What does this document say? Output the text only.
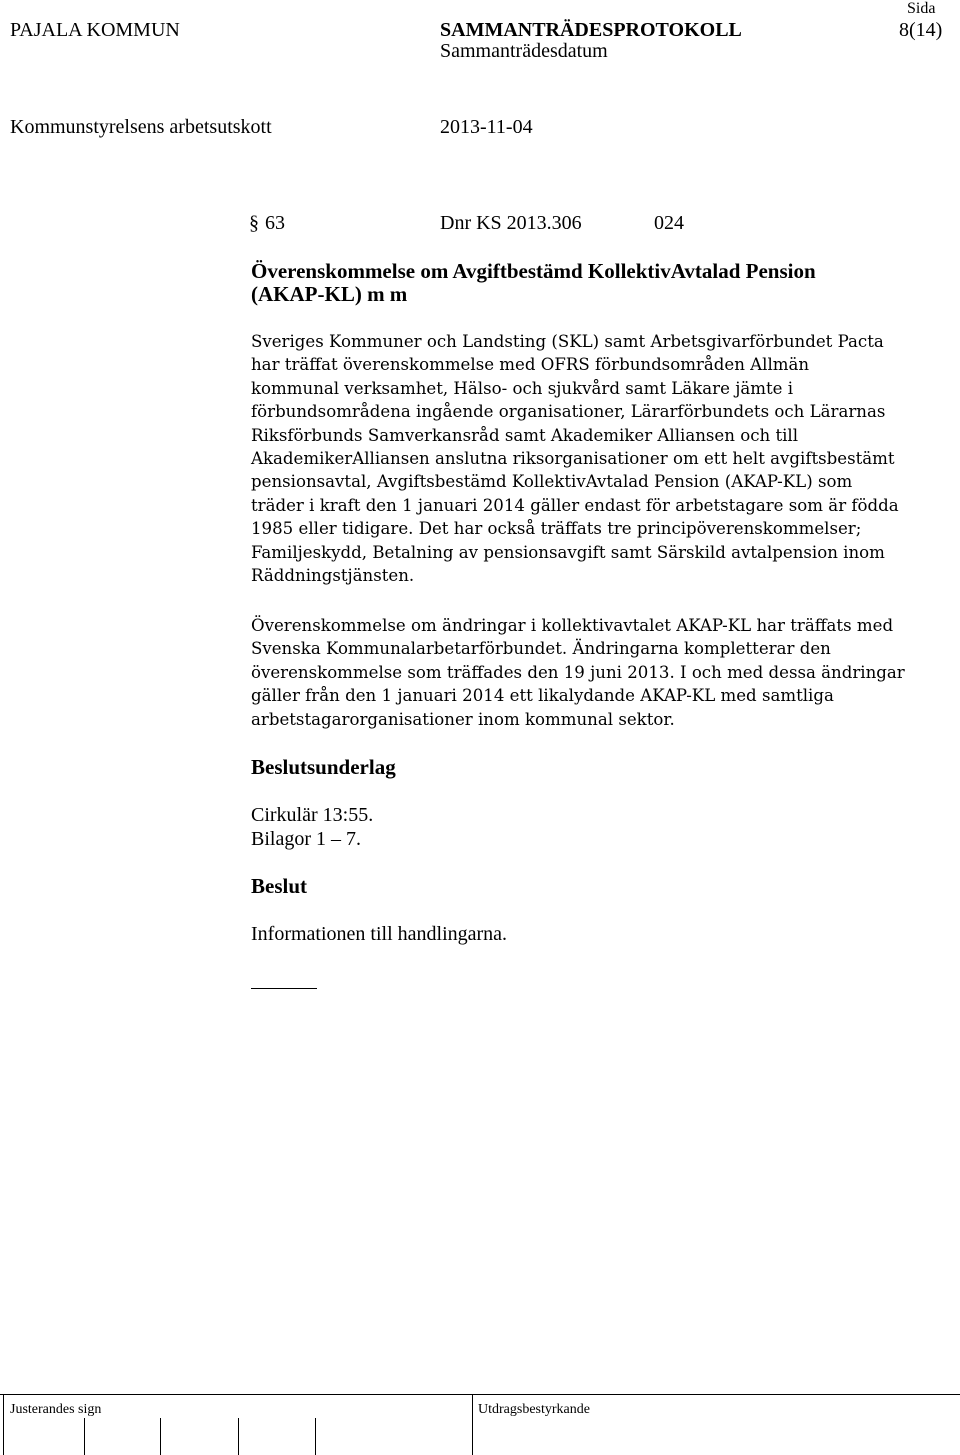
PAJALA KOMMUN	SAMMANTRÄDESPROTOKOLL
Sida
8(14)
Sammanträdesdatum
Kommunstyrelsens arbetsutskott	2013-11-04
§ 63	Dnr KS 2013.306	024
Överenskommelse om Avgiftbestämd KollektivAvtalad Pension
(AKAP-KL) m m
Sveriges Kommuner och Landsting (SKL) samt Arbetsgivarförbundet Pacta
har träffat överenskommelse med OFRS förbundsområden Allmän
kommunal verksamhet, Hälso- och sjukvård samt Läkare jämte i
förbundsområdena ingående organisationer, Lärarförbundets och Lärarnas
Riksförbunds Samverkansråd samt Akademiker Alliansen och till
AkademikerAlliansen anslutna riksorganisationer om ett helt avgiftsbestämt
pensionsavtal, Avgiftsbestämd KollektivAvtalad Pension (AKAP-KL) som
träder i kraft den 1 januari 2014 gäller endast för arbetstagare som är födda
1985 eller tidigare. Det har också träffats tre principöverenskommelser;
Familjeskydd, Betalning av pensionsavgift samt Särskild avtalpension inom
Räddningstjänsten.
Överenskommelse om ändringar i kollektivavtalet AKAP-KL har träffats med
Svenska Kommunalarbetarförbundet. Ändringarna kompletterar den
överenskommelse som träffades den 19 juni 2013. I och med dessa ändringar
gäller från den 1 januari 2014 ett likalydande AKAP-KL med samtliga
arbetstagarorganisationer inom kommunal sektor.
Beslutsunderlag
Cirkulär 13:55.
Bilagor 1 – 7.
Beslut
Informationen till handlingarna.
Justerandes sign	Utdragsbestyrkande
